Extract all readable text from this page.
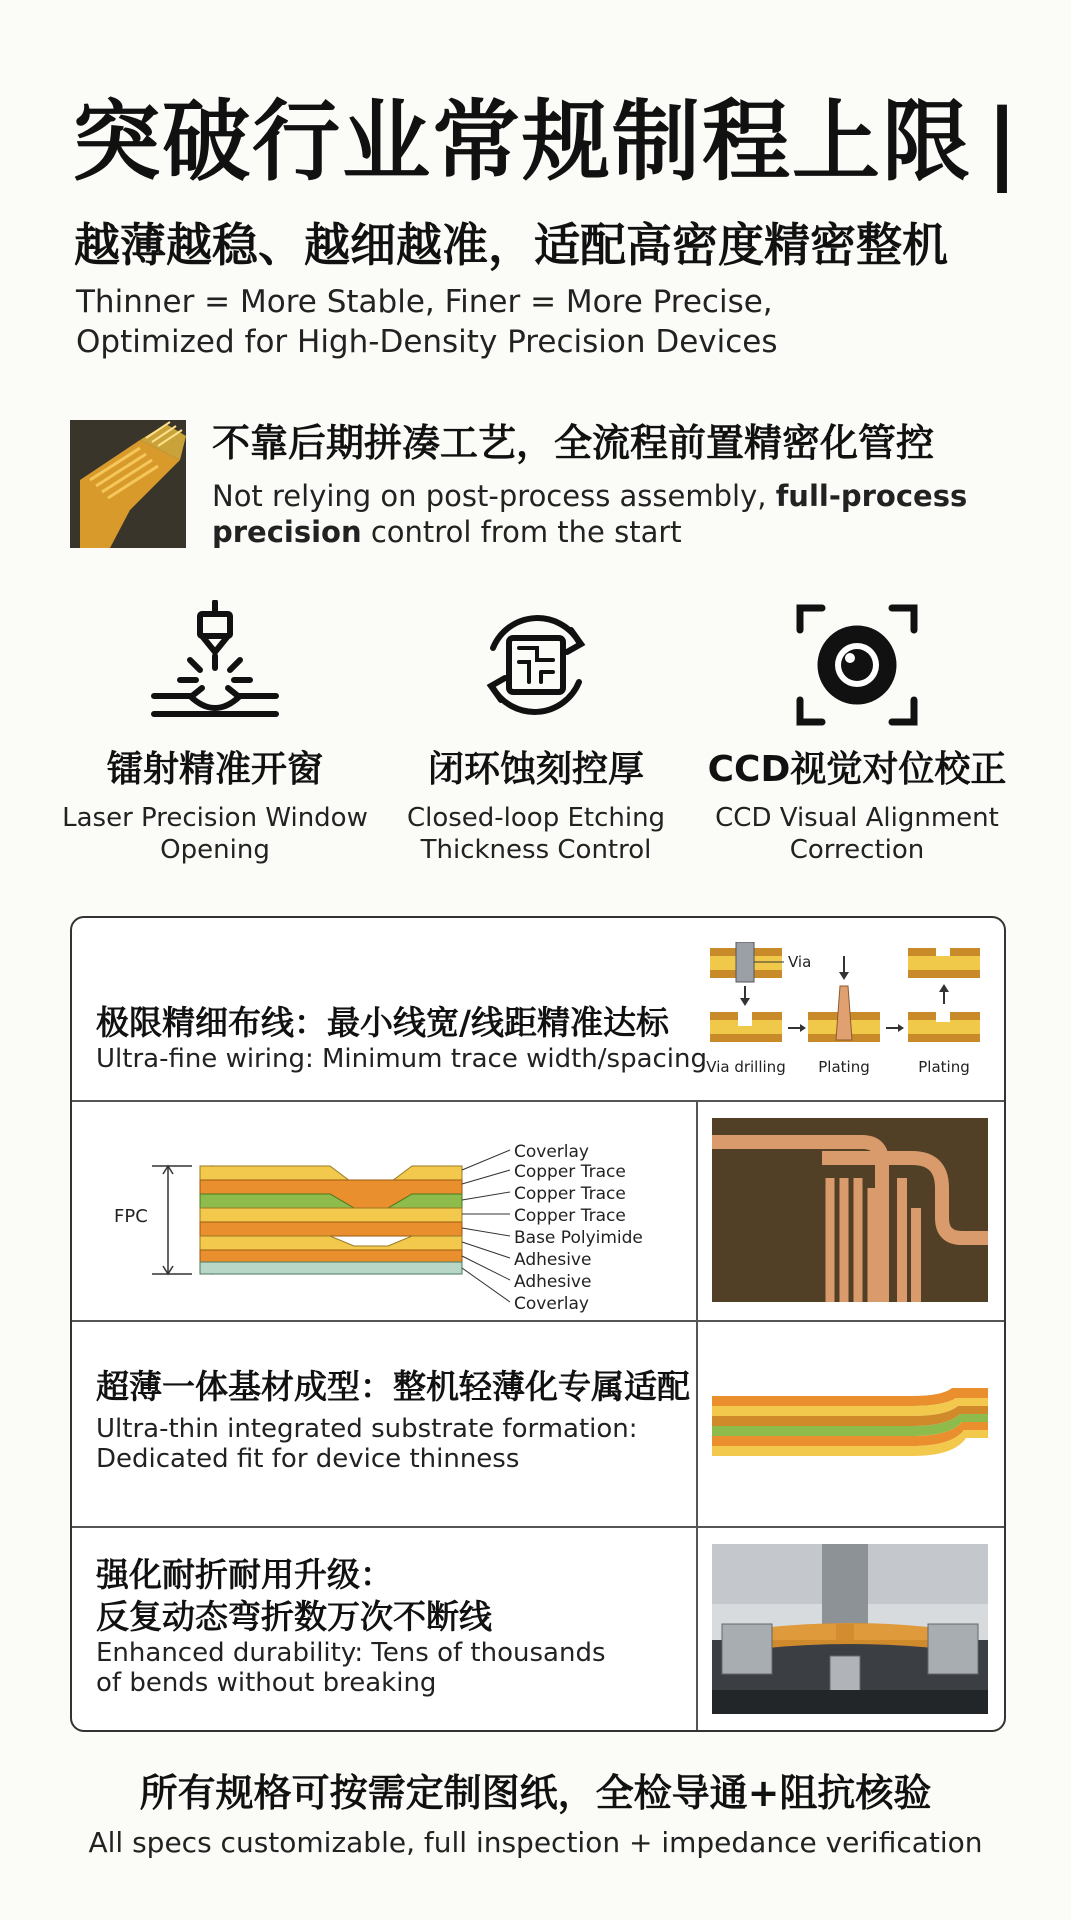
突破行业常规制程上限 |
越薄越稳、越细越准，适配高密度精密整机
Thinner = More Stable, Finer = More Precise,
Optimized for High-Density Precision Devices
不靠后期拼凑工艺，全流程前置精密化管控
Not relying on post-process assembly, full-process
precision control from the start
镭射精准开窗
Laser Precision Window
Opening
闭环蚀刻控厚
Closed-loop Etching
Thickness Control
CCD视觉对位校正
CCD Visual Alignment
Correction
极限精细布线：最小线宽/线距精准达标
Ultra-fine wiring: Minimum trace width/spacing
Via
Via drilling Plating	Plating
FPC
Coverlay
Copper Trace
Copper Trace
Copper Trace
Base Polyimide
Adhesive
Adhesive
Coverlay
超薄一体基材成型：整机轻薄化专属适配
Ultra-thin integrated substrate formation:
Dedicated fit for device thinness
强化耐折耐用升级：
反复动态弯折数万次不断线
Enhanced durability: Tens of thousands
of bends without breaking
所有规格可按需定制图纸，全检导通+阻抗核验
All specs customizable, full inspection + impedance verification
